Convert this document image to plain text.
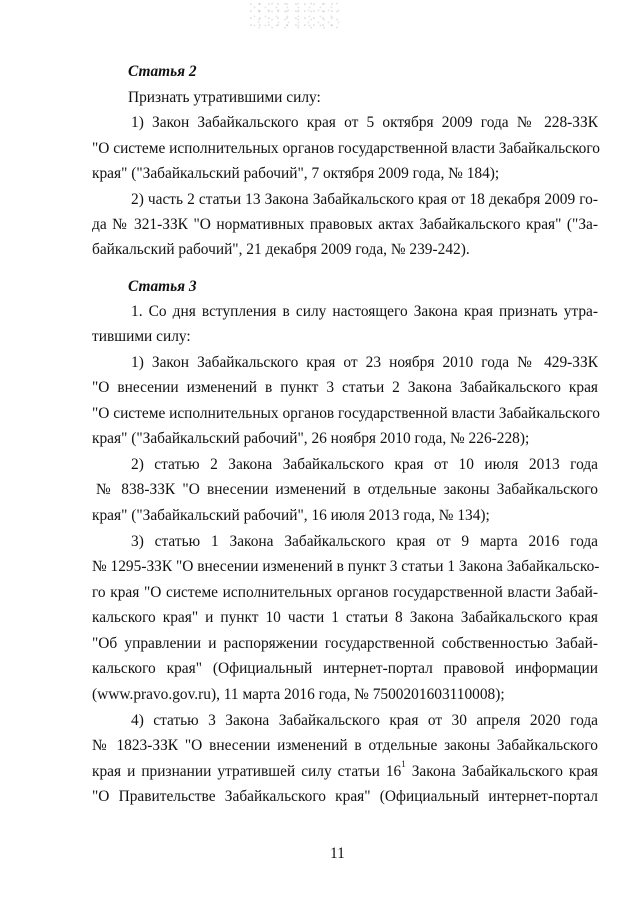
Статья 2
Признать утратившими силу:
1) Закон Забайкальского края от 5 октября 2009 года № 228-ЗЗК
"О системе исполнительных органов государственной власти Забайкальского
края" ("Забайкальский рабочий", 7 октября 2009 года, № 184);
2) часть 2 статьи 13 Закона Забайкальского края от 18 декабря 2009 го-
да № 321-ЗЗК "О нормативных правовых актах Забайкальского края" ("За-
байкальский рабочий", 21 декабря 2009 года, № 239-242).
Статья 3
1. Со дня вступления в силу настоящего Закона края признать утра-
тившими силу:
1) Закон Забайкальского края от 23 ноября 2010 года № 429-ЗЗК
"О внесении изменений в пункт 3 статьи 2 Закона Забайкальского края
"О системе исполнительных органов государственной власти Забайкальского
края" ("Забайкальский рабочий", 26 ноября 2010 года, № 226-228);
2) статью 2 Закона Забайкальского края от 10 июля 2013 года
№ 838-ЗЗК "О внесении изменений в отдельные законы Забайкальского
края" ("Забайкальский рабочий", 16 июля 2013 года, № 134);
3) статью 1 Закона Забайкальского края от 9 марта 2016 года
№ 1295-ЗЗК "О внесении изменений в пункт 3 статьи 1 Закона Забайкальско-
го края "О системе исполнительных органов государственной власти Забай-
кальского края" и пункт 10 части 1 статьи 8 Закона Забайкальского края
"Об управлении и распоряжении государственной собственностью Забай-
кальского края" (Официальный интернет-портал правовой информации
(www.pravo.gov.ru), 11 марта 2016 года, № 7500201603110008);
4) статью 3 Закона Забайкальского края от 30 апреля 2020 года
№ 1823-ЗЗК "О внесении изменений в отдельные законы Забайкальского
края и признании утратившей силу статьи 16$^1$ Закона Забайкальского края
"О Правительстве Забайкальского края" (Официальный интернет-портал
11
